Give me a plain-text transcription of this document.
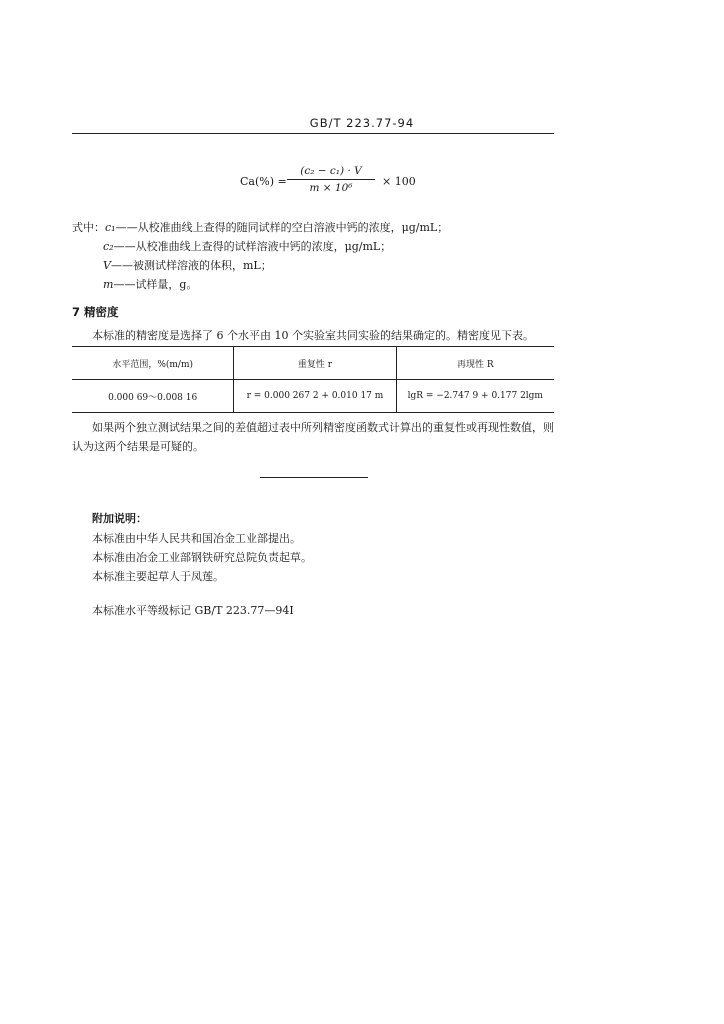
GB/T 223.77-94
Ca(%) =
(c₂ − c₁) · V
m × 10⁶	× 100
式中：c₁——从校准曲线上查得的随同试样的空白溶液中钙的浓度，μg/mL；
c₂——从校准曲线上查得的试样溶液中钙的浓度，μg/mL；
V——被测试样溶液的体积，mL；
m——试样量，g。
7 精密度
本标准的精密度是选择了 6 个水平由 10 个实验室共同实验的结果确定的。精密度见下表。
水平范围，%(m/m)	重复性 r	再现性 R
0.000 69～0.008 16	r = 0.000 267 2 + 0.010 17 m	lgR = −2.747 9 + 0.177 2lgm
如果两个独立测试结果之间的差值超过表中所列精密度函数式计算出的重复性或再现性数值，则
认为这两个结果是可疑的。
附加说明：
本标准由中华人民共和国冶金工业部提出。
本标准由冶金工业部钢铁研究总院负责起草。
本标准主要起草人于凤莲。
本标准水平等级标记 GB/T 223.77—94I
